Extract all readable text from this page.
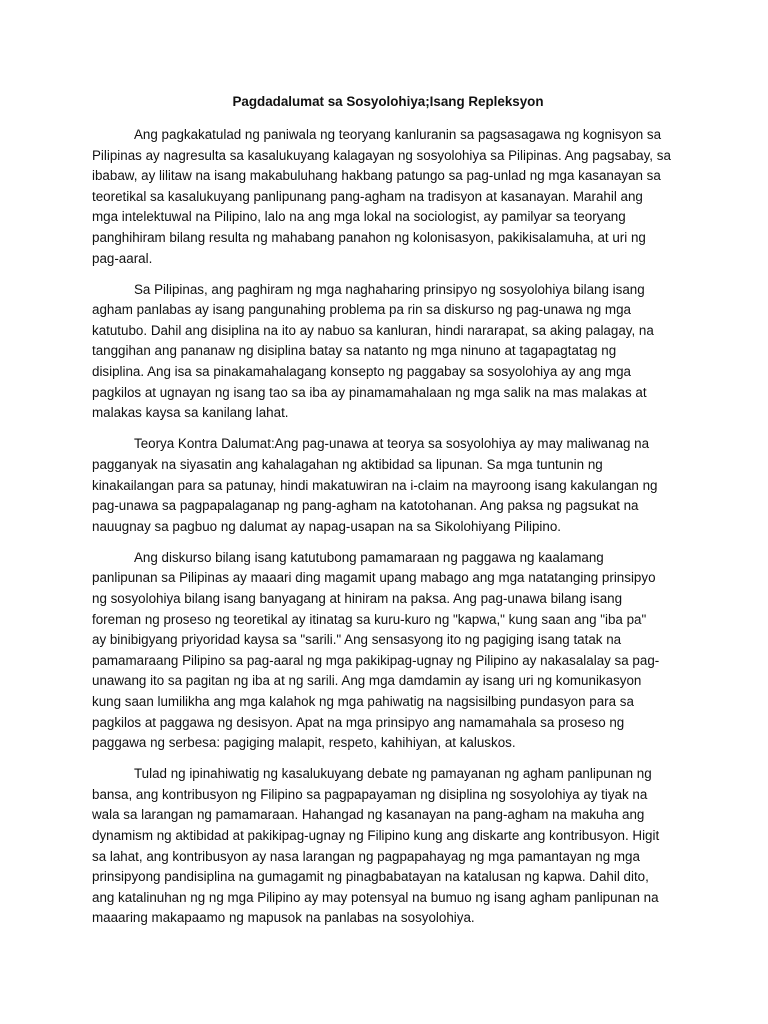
Pagdadalumat sa Sosyolohiya;Isang Repleksyon

Ang pagkakatulad ng paniwala ng teoryang kanluranin sa pagsasagawa ng kognisyon sa
Pilipinas ay nagresulta sa kasalukuyang kalagayan ng sosyolohiya sa Pilipinas. Ang pagsabay, sa
ibabaw, ay lilitaw na isang makabuluhang hakbang patungo sa pag-unlad ng mga kasanayan sa
teoretikal sa kasalukuyang panlipunang pang-agham na tradisyon at kasanayan. Marahil ang
mga intelektuwal na Pilipino, lalo na ang mga lokal na sociologist, ay pamilyar sa teoryang
panghihiram bilang resulta ng mahabang panahon ng kolonisasyon, pakikisalamuha, at uri ng
pag-aaral.

Sa Pilipinas, ang paghiram ng mga naghaharing prinsipyo ng sosyolohiya bilang isang
agham panlabas ay isang pangunahing problema pa rin sa diskurso ng pag-unawa ng mga
katutubo. Dahil ang disiplina na ito ay nabuo sa kanluran, hindi nararapat, sa aking palagay, na
tanggihan ang pananaw ng disiplina batay sa natanto ng mga ninuno at tagapagtatag ng
disiplina. Ang isa sa pinakamahalagang konsepto ng paggabay sa sosyolohiya ay ang mga
pagkilos at ugnayan ng isang tao sa iba ay pinamamahalaan ng mga salik na mas malakas at
malakas kaysa sa kanilang lahat.

Teorya Kontra Dalumat:Ang pag-unawa at teorya sa sosyolohiya ay may maliwanag na
pagganyak na siyasatin ang kahalagahan ng aktibidad sa lipunan. Sa mga tuntunin ng
kinakailangan para sa patunay, hindi makatuwiran na i-claim na mayroong isang kakulangan ng
pag-unawa sa pagpapalaganap ng pang-agham na katotohanan. Ang paksa ng pagsukat na
nauugnay sa pagbuo ng dalumat ay napag-usapan na sa Sikolohiyang Pilipino.

Ang diskurso bilang isang katutubong pamamaraan ng paggawa ng kaalamang
panlipunan sa Pilipinas ay maaari ding magamit upang mabago ang mga natatanging prinsipyo
ng sosyolohiya bilang isang banyagang at hiniram na paksa. Ang pag-unawa bilang isang
foreman ng proseso ng teoretikal ay itinatag sa kuru-kuro ng "kapwa," kung saan ang "iba pa"
ay binibigyang priyoridad kaysa sa "sarili." Ang sensasyong ito ng pagiging isang tatak na
pamamaraang Pilipino sa pag-aaral ng mga pakikipag-ugnay ng Pilipino ay nakasalalay sa pag-
unawang ito sa pagitan ng iba at ng sarili. Ang mga damdamin ay isang uri ng komunikasyon
kung saan lumilikha ang mga kalahok ng mga pahiwatig na nagsisilbing pundasyon para sa
pagkilos at paggawa ng desisyon. Apat na mga prinsipyo ang namamahala sa proseso ng
paggawa ng serbesa: pagiging malapit, respeto, kahihiyan, at kaluskos.

Tulad ng ipinahiwatig ng kasalukuyang debate ng pamayanan ng agham panlipunan ng
bansa, ang kontribusyon ng Filipino sa pagpapayaman ng disiplina ng sosyolohiya ay tiyak na
wala sa larangan ng pamamaraan. Hahangad ng kasanayan na pang-agham na makuha ang
dynamism ng aktibidad at pakikipag-ugnay ng Filipino kung ang diskarte ang kontribusyon. Higit
sa lahat, ang kontribusyon ay nasa larangan ng pagpapahayag ng mga pamantayan ng mga
prinsipyong pandisiplina na gumagamit ng pinagbabatayan na katalusan ng kapwa. Dahil dito,
ang katalinuhan ng ng mga Pilipino ay may potensyal na bumuo ng isang agham panlipunan na
maaaring makapaamo ng mapusok na panlabas na sosyolohiya.
